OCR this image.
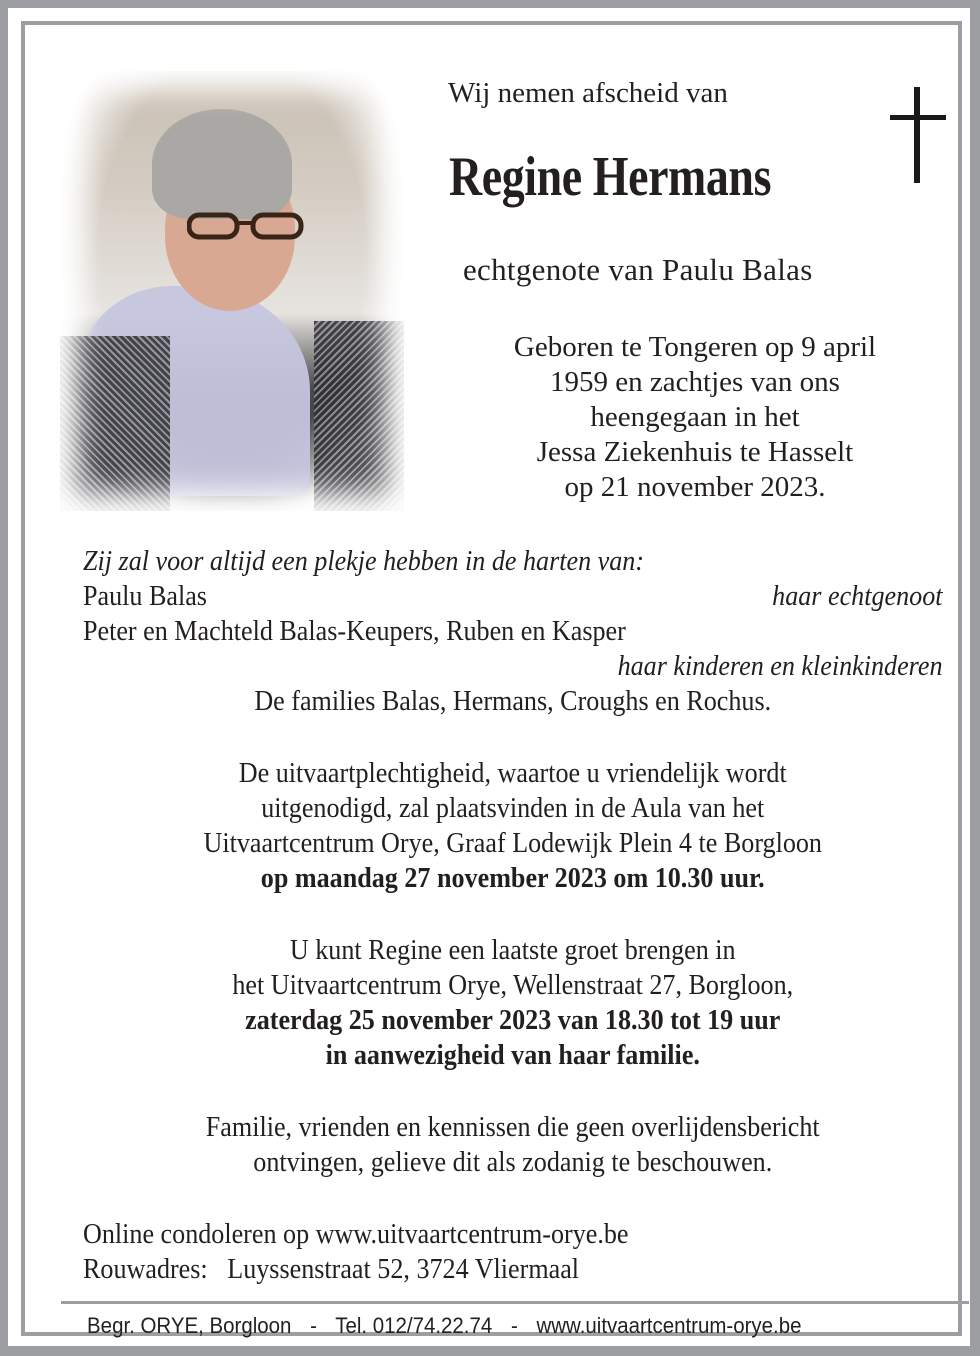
Wij nemen afscheid van
Regine Hermans
echtgenote van Paulu Balas
Geboren te Tongeren op 9 april
1959 en zachtjes van ons
heengegaan in het
Jessa Ziekenhuis te Hasselt
op 21 november 2023.
Zij zal voor altijd een plekje hebben in de harten van:
Paulu Balas	haar echtgenoot
Peter en Machteld Balas-Keupers, Ruben en Kasper
haar kinderen en kleinkinderen
De families Balas, Hermans, Croughs en Rochus.
De uitvaartplechtigheid, waartoe u vriendelijk wordt
uitgenodigd, zal plaatsvinden in de Aula van het
Uitvaartcentrum Orye, Graaf Lodewijk Plein 4 te Borgloon
op maandag 27 november 2023 om 10.30 uur.
U kunt Regine een laatste groet brengen in
het Uitvaartcentrum Orye, Wellenstraat 27, Borgloon,
zaterdag 25 november 2023 van 18.30 tot 19 uur
in aanwezigheid van haar familie.
Familie, vrienden en kennissen die geen overlijdensbericht
ontvingen, gelieve dit als zodanig te beschouwen.
Online condoleren op www.uitvaartcentrum-orye.be
Rouwadres: Luyssenstraat 52, 3724 Vliermaal
Begr. ORYE, Borgloon - Tel. 012/74.22.74 - www.uitvaartcentrum-orye.be
